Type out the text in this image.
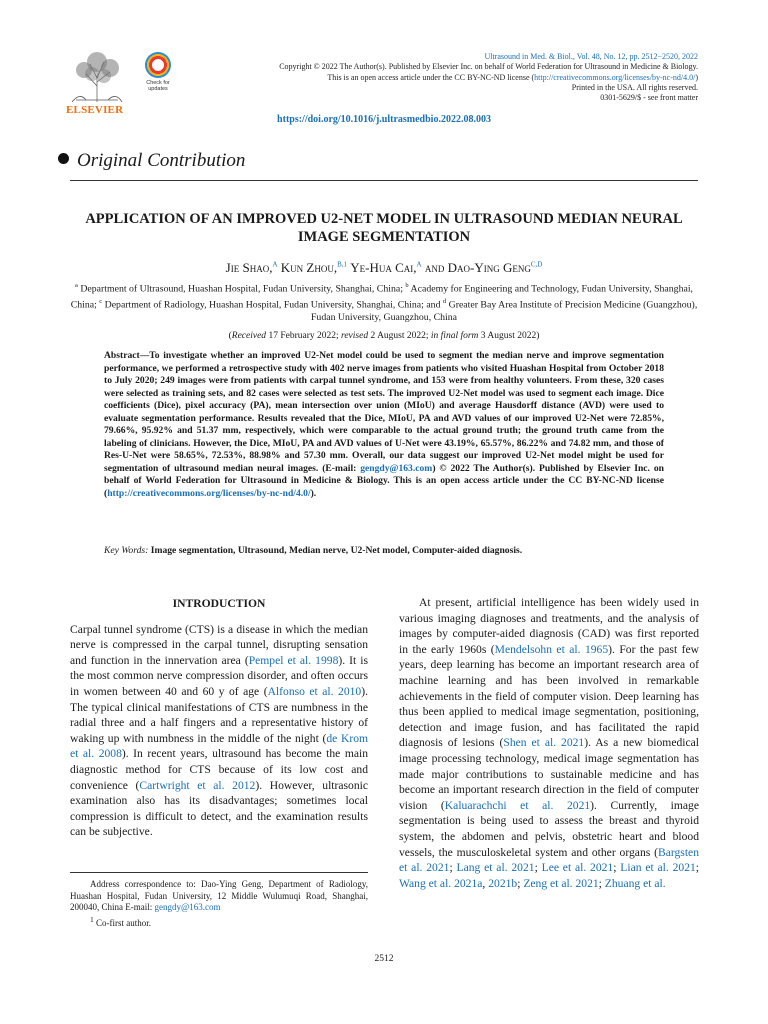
ELSEVIER
Check for updates
Ultrasound in Med. & Biol., Vol. 48, No. 12, pp. 2512−2520, 2022
Copyright © 2022 The Author(s). Published by Elsevier Inc. on behalf of World Federation for Ultrasound in Medicine & Biology.
This is an open access article under the CC BY-NC-ND license (http://creativecommons.org/licenses/by-nc-nd/4.0/)
Printed in the USA. All rights reserved.
0301-5629/$ - see front matter
https://doi.org/10.1016/j.ultrasmedbio.2022.08.003
Original Contribution
APPLICATION OF AN IMPROVED U2-NET MODEL IN ULTRASOUND MEDIAN NEURAL IMAGE SEGMENTATION
Jie Shao,$^A$ Kun Zhou,$^{B,1}$ Ye-Hua Cai,$^A$ and Dao-Ying Geng$^{C,D}$
$^a$ Department of Ultrasound, Huashan Hospital, Fudan University, Shanghai, China; $^b$ Academy for Engineering and Technology, Fudan University, Shanghai, China; $^c$ Department of Radiology, Huashan Hospital, Fudan University, Shanghai, China; and $^d$ Greater Bay Area Institute of Precision Medicine (Guangzhou), Fudan University, Guangzhou, China
(Received 17 February 2022; revised 2 August 2022; in final form 3 August 2022)
Abstract—To investigate whether an improved U2-Net model could be used to segment the median nerve and improve segmentation performance, we performed a retrospective study with 402 nerve images from patients who visited Huashan Hospital from October 2018 to July 2020; 249 images were from patients with carpal tunnel syndrome, and 153 were from healthy volunteers. From these, 320 cases were selected as training sets, and 82 cases were selected as test sets. The improved U2-Net model was used to segment each image. Dice coefficients (Dice), pixel accuracy (PA), mean intersection over union (MIoU) and average Hausdorff distance (AVD) were used to evaluate segmentation performance. Results revealed that the Dice, MIoU, PA and AVD values of our improved U2-Net were 72.85%, 79.66%, 95.92% and 51.37 mm, respectively, which were comparable to the actual ground truth; the ground truth came from the labeling of clinicians. However, the Dice, MIoU, PA and AVD values of U-Net were 43.19%, 65.57%, 86.22% and 74.82 mm, and those of Res-U-Net were 58.65%, 72.53%, 88.98% and 57.30 mm. Overall, our data suggest our improved U2-Net model might be used for segmentation of ultrasound median neural images. (E-mail: gengdy@163.com) © 2022 The Author(s). Published by Elsevier Inc. on behalf of World Federation for Ultrasound in Medicine & Biology. This is an open access article under the CC BY-NC-ND license (http://creativecommons.org/licenses/by-nc-nd/4.0/).
Key Words: Image segmentation, Ultrasound, Median nerve, U2-Net model, Computer-aided diagnosis.
INTRODUCTION

Carpal tunnel syndrome (CTS) is a disease in which the median nerve is compressed in the carpal tunnel, disrupting sensation and function in the innervation area (Pempel et al. 1998). It is the most common nerve compression disorder, and often occurs in women between 40 and 60 y of age (Alfonso et al. 2010). The typical clinical manifestations of CTS are numbness in the radial three and a half fingers and a representative history of waking up with numbness in the middle of the night (de Krom et al. 2008). In recent years, ultrasound has become the main diagnostic method for CTS because of its low cost and convenience (Cartwright et al. 2012). However, ultrasonic examination also has its disadvantages; sometimes local compression is difficult to detect, and the examination results can be subjective.

Address correspondence to: Dao-Ying Geng, Department of Radiology, Huashan Hospital, Fudan University, 12 Middle Wulumuqi Road, Shanghai, 200040, China E-mail: gengdy@163.com

$^1$ Co-first author.

At present, artificial intelligence has been widely used in various imaging diagnoses and treatments, and the analysis of images by computer-aided diagnosis (CAD) was first reported in the early 1960s (Mendelsohn et al. 1965). For the past few years, deep learning has become an important research area of machine learning and has been involved in remarkable achievements in the field of computer vision. Deep learning has thus been applied to medical image segmentation, positioning, detection and image fusion, and has facilitated the rapid diagnosis of lesions (Shen et al. 2021). As a new biomedical image processing technology, medical image segmentation has made major contributions to sustainable medicine and has become an important research direction in the field of computer vision (Kaluarachchi et al. 2021). Currently, image segmentation is being used to assess the breast and thyroid system, the abdomen and pelvis, obstetric heart and blood vessels, the musculoskeletal system and other organs (Bargsten et al. 2021; Lang et al. 2021; Lee et al. 2021; Lian et al. 2021; Wang et al. 2021a, 2021b; Zeng et al. 2021; Zhuang et al.

2512
